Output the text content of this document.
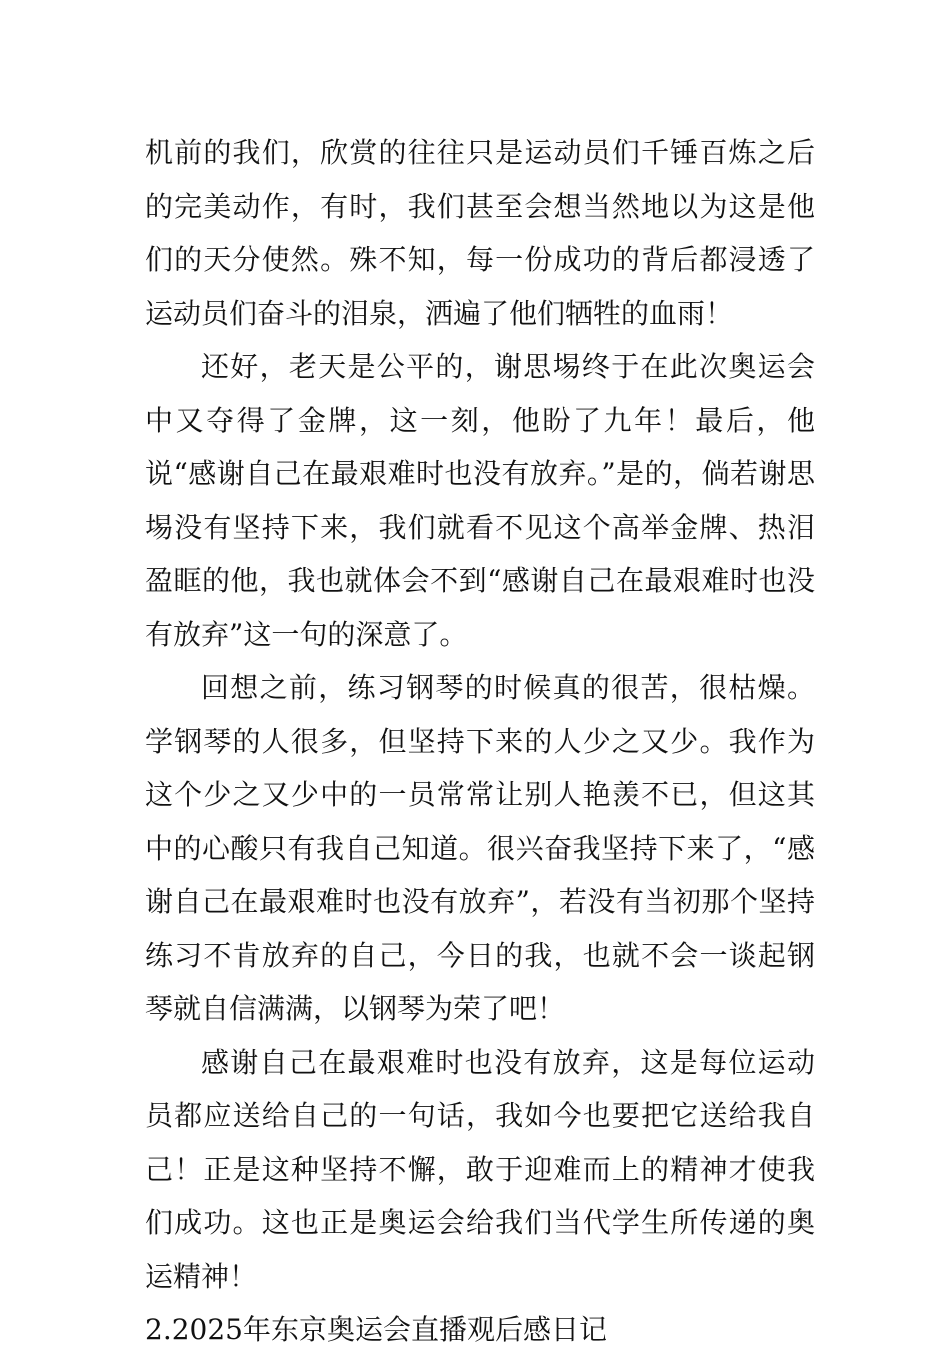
机前的我们，欣赏的往往只是运动员们千锤百炼之后的完美动作，有时，我们甚至会想当然地以为这是他们的天分使然。殊不知，每一份成功的背后都浸透了运动员们奋斗的泪泉，洒遍了他们牺牲的血雨！

还好，老天是公平的，谢思埸终于在此次奥运会中又夺得了金牌，这一刻，他盼了九年！最后，他说“感谢自己在最艰难时也没有放弃。”是的，倘若谢思埸没有坚持下来，我们就看不见这个高举金牌、热泪盈眶的他，我也就体会不到“感谢自己在最艰难时也没有放弃”这一句的深意了。

回想之前，练习钢琴的时候真的很苦，很枯燥。学钢琴的人很多，但坚持下来的人少之又少。我作为这个少之又少中的一员常常让别人艳羡不已，但这其中的心酸只有我自己知道。很兴奋我坚持下来了，“感谢自己在最艰难时也没有放弃”，若没有当初那个坚持练习不肯放弃的自己，今日的我，也就不会一谈起钢琴就自信满满，以钢琴为荣了吧！

感谢自己在最艰难时也没有放弃，这是每位运动员都应送给自己的一句话，我如今也要把它送给我自己！正是这种坚持不懈，敢于迎难而上的精神才使我们成功。这也正是奥运会给我们当代学生所传递的奥运精神！

2.2025年东京奥运会直播观后感日记
